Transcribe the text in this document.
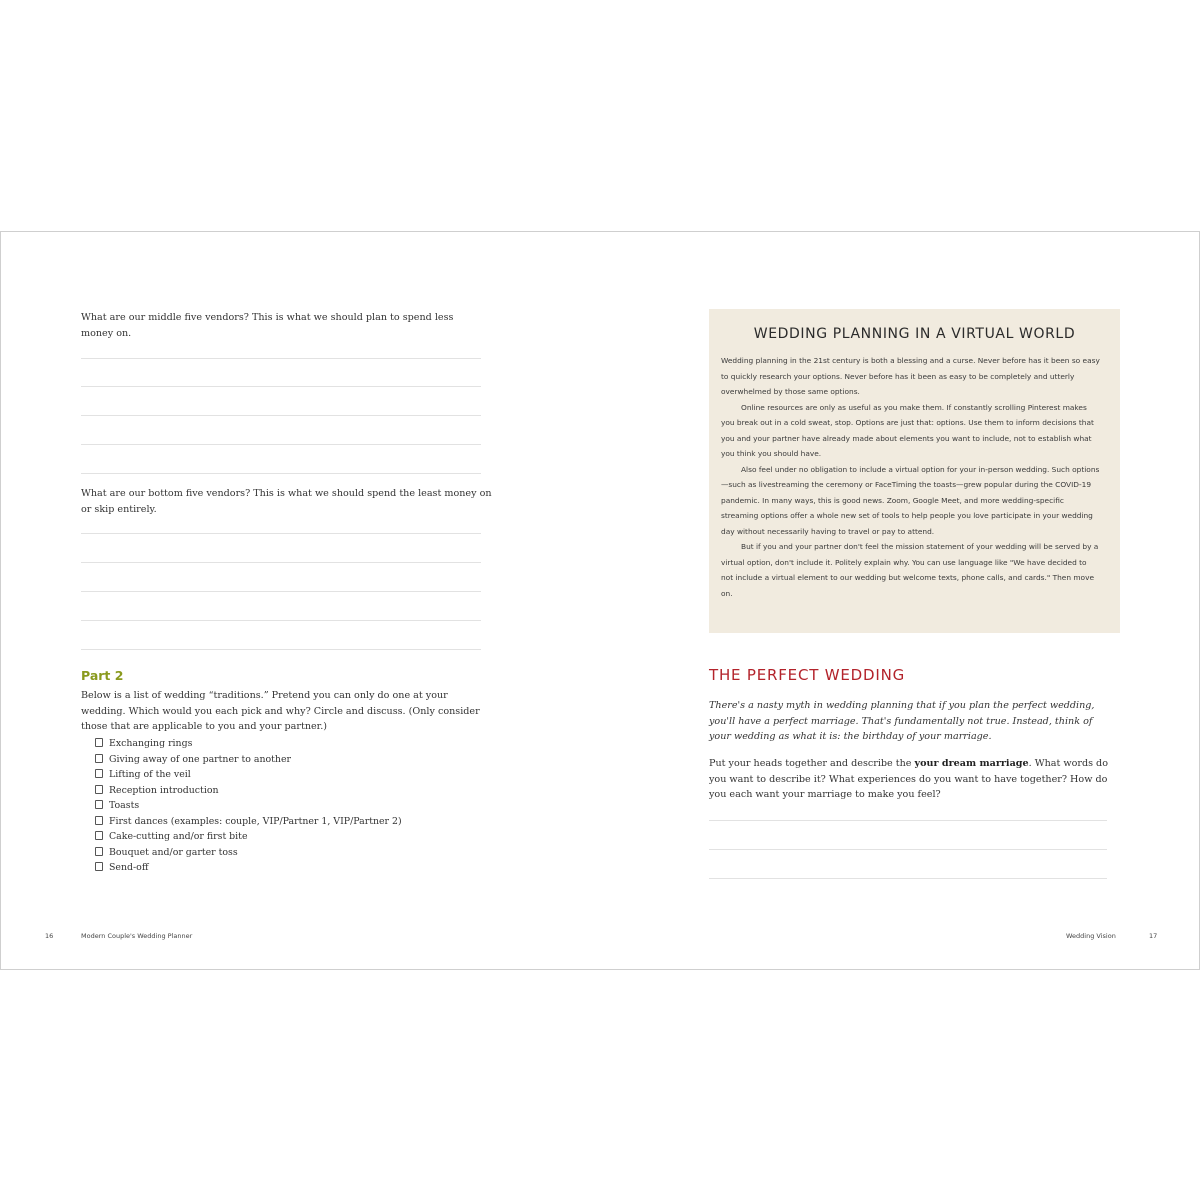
What are our middle five vendors? This is what we should plan to spend less money on.
What are our bottom five vendors? This is what we should spend the least money on or skip entirely.
Part 2
Below is a list of wedding “traditions.” Pretend you can only do one at your wedding. Which would you each pick and why? Circle and discuss. (Only consider those that are applicable to you and your partner.)
Exchanging rings
Giving away of one partner to another
Lifting of the veil
Reception introduction
Toasts
First dances (examples: couple, VIP/Partner 1, VIP/Partner 2)
Cake-cutting and/or first bite
Bouquet and/or garter toss
Send-off
16	Modern Couple's Wedding Planner
WEDDING PLANNING IN A VIRTUAL WORLD

Wedding planning in the 21st century is both a blessing and a curse. Never before has it been so easy to quickly research your options. Never before has it been as easy to be completely and utterly overwhelmed by those same options.

Online resources are only as useful as you make them. If constantly scrolling Pinterest makes you break out in a cold sweat, stop. Options are just that: options. Use them to inform decisions that you and your partner have already made about elements you want to include, not to establish what you think you should have.

Also feel under no obligation to include a virtual option for your in-person wedding. Such options—such as livestreaming the ceremony or FaceTiming the toasts—grew popular during the COVID-19 pandemic. In many ways, this is good news. Zoom, Google Meet, and more wedding-specific streaming options offer a whole new set of tools to help people you love participate in your wedding day without necessarily having to travel or pay to attend.

But if you and your partner don't feel the mission statement of your wedding will be served by a virtual option, don't include it. Politely explain why. You can use language like "We have decided to not include a virtual element to our wedding but welcome texts, phone calls, and cards." Then move on.

THE PERFECT WEDDING
There's a nasty myth in wedding planning that if you plan the perfect wedding, you'll have a perfect marriage. That's fundamentally not true. Instead, think of your wedding as what it is: the birthday of your marriage.
Put your heads together and describe the your dream marriage. What words do you want to describe it? What experiences do you want to have together? How do you each want your marriage to make you feel?
Wedding Vision	17
